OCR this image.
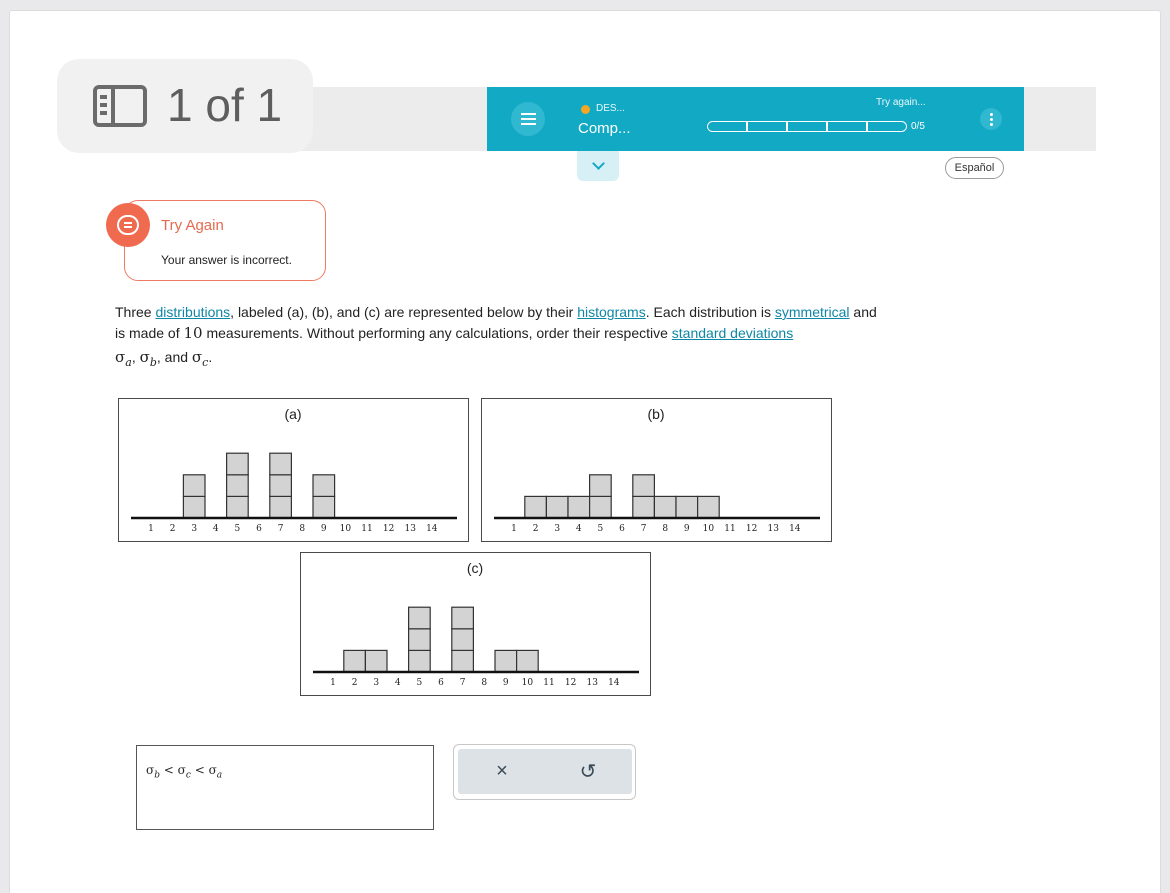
DES...
Comp...
Try again...
0/5
Español
1 of 1
Try Again
Your answer is incorrect.
Three distributions, labeled (a), (b), and (c) are represented below by their histograms. Each distribution is symmetrical and
is made of 10 measurements. Without performing any calculations, order their respective standard deviations
$\sigma_a$, $\sigma_b$, and $\sigma_c$.
(a)
1 2 3 4 5 6 7 8 9 10 11 12 13 14
(b)
1 2 3 4 5 6 7 8 9 10 11 12 13 14
(c)
1 2 3 4 5 6 7 8 9 10 11 12 13 14
$\sigma_b < \sigma_c < \sigma_a$	×	↺
